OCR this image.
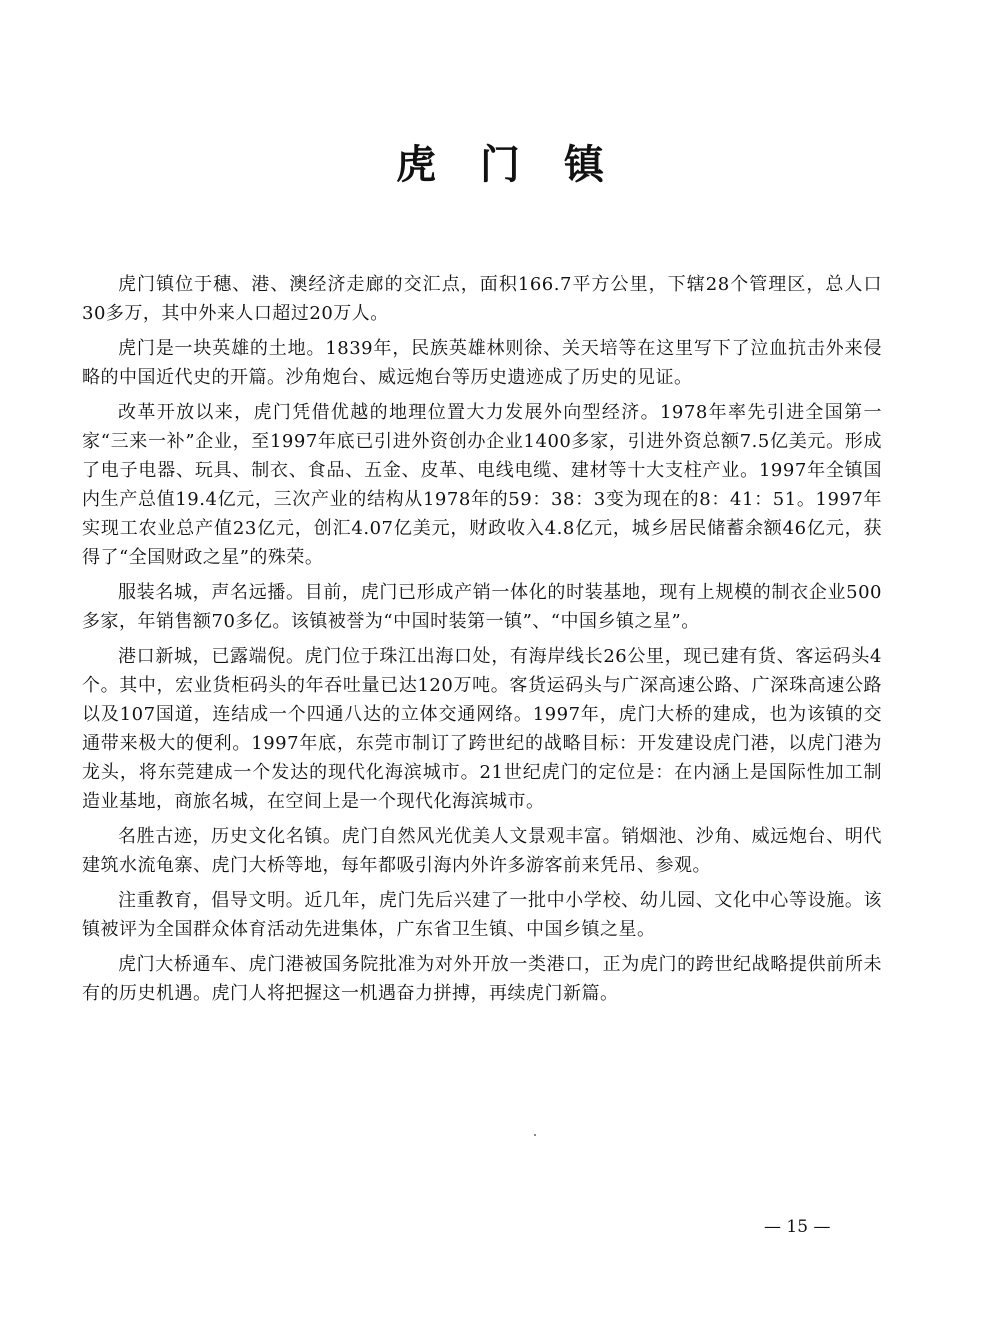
虎门镇

虎门镇位于穗、港、澳经济走廊的交汇点，面积166.7平方公里，下辖28个管理区，总人口30多万，其中外来人口超过20万人。

虎门是一块英雄的土地。1839年，民族英雄林则徐、关天培等在这里写下了泣血抗击外来侵略的中国近代史的开篇。沙角炮台、威远炮台等历史遗迹成了历史的见证。

改革开放以来，虎门凭借优越的地理位置大力发展外向型经济。1978年率先引进全国第一家“三来一补”企业，至1997年底已引进外资创办企业1400多家，引进外资总额7.5亿美元。形成了电子电器、玩具、制衣、食品、五金、皮革、电线电缆、建材等十大支柱产业。1997年全镇国内生产总值19.4亿元，三次产业的结构从1978年的59：38：3变为现在的8：41：51。1997年实现工农业总产值23亿元，创汇4.07亿美元，财政收入4.8亿元，城乡居民储蓄余额46亿元，获得了“全国财政之星”的殊荣。

服装名城，声名远播。目前，虎门已形成产销一体化的时装基地，现有上规模的制衣企业500多家，年销售额70多亿。该镇被誉为“中国时装第一镇”、“中国乡镇之星”。

港口新城，已露端倪。虎门位于珠江出海口处，有海岸线长26公里，现已建有货、客运码头4个。其中，宏业货柜码头的年吞吐量已达120万吨。客货运码头与广深高速公路、广深珠高速公路以及107国道，连结成一个四通八达的立体交通网络。1997年，虎门大桥的建成，也为该镇的交通带来极大的便利。1997年底，东莞市制订了跨世纪的战略目标：开发建设虎门港，以虎门港为龙头，将东莞建成一个发达的现代化海滨城市。21世纪虎门的定位是：在内涵上是国际性加工制造业基地，商旅名城，在空间上是一个现代化海滨城市。

名胜古迹，历史文化名镇。虎门自然风光优美人文景观丰富。销烟池、沙角、威远炮台、明代建筑水流龟寨、虎门大桥等地，每年都吸引海内外许多游客前来凭吊、参观。

注重教育，倡导文明。近几年，虎门先后兴建了一批中小学校、幼儿园、文化中心等设施。该镇被评为全国群众体育活动先进集体，广东省卫生镇、中国乡镇之星。

虎门大桥通车、虎门港被国务院批准为对外开放一类港口，正为虎门的跨世纪战略提供前所未有的历史机遇。虎门人将把握这一机遇奋力拼搏，再续虎门新篇。

— 15 —
